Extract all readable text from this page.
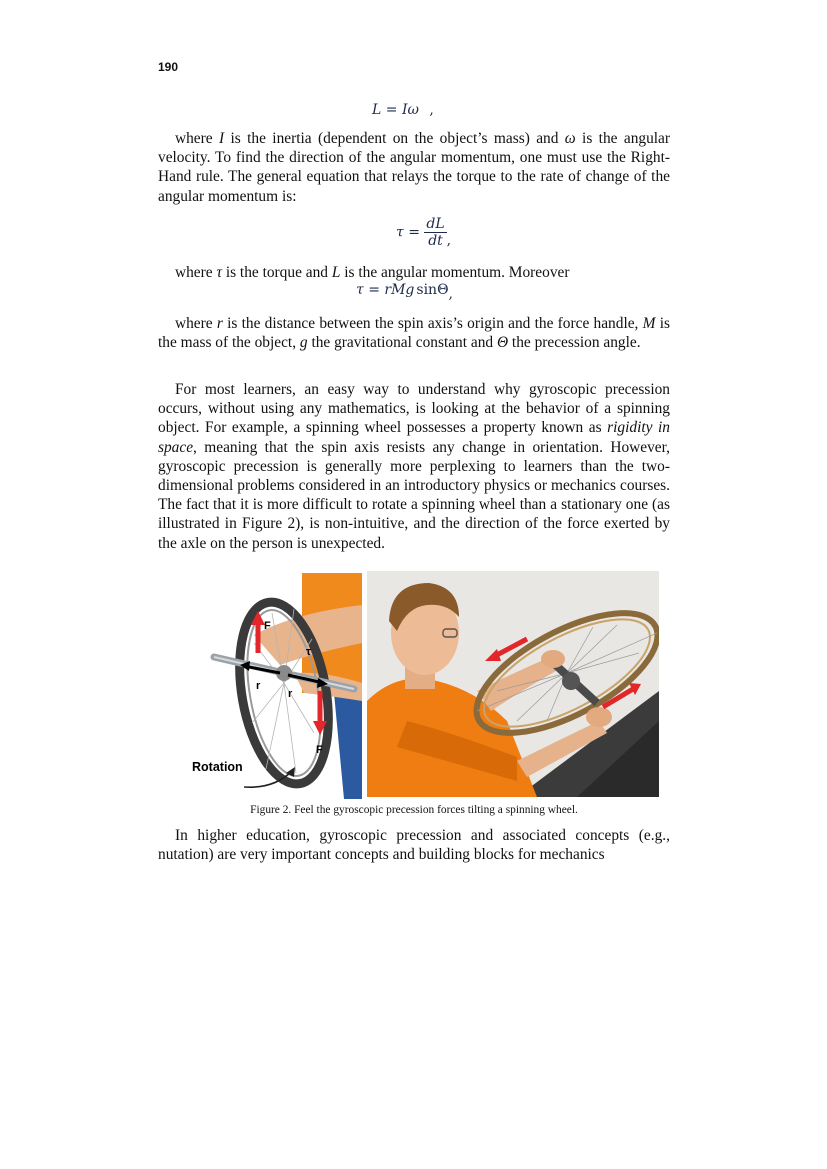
190
L = Iω ,

where I is the inertia (dependent on the object’s mass) and ω is the angular velocity. To find the direction of the angular momentum, one must use the Right-Hand rule. The general equation that relays the torque to the rate of change of the angular momentum is:

$\tau = \frac{dL}{dt}$ ,

where τ is the torque and L is the angular momentum. Moreover

τ = rMg sinΘ,

where r is the distance between the spin axis’s origin and the force handle, M is the mass of the object, g the gravitational constant and Θ the precession angle.

For most learners, an easy way to understand why gyroscopic precession occurs, without using any mathematics, is looking at the behavior of a spinning object. For example, a spinning wheel possesses a property known as rigidity in space, meaning that the spin axis resists any change in orientation. However, gyroscopic precession is generally more perplexing to learners than the two-dimensional problems considered in an introductory physics or mechanics courses. The fact that it is more difficult to rotate a spinning wheel than a stationary one (as illustrated in Figure 2), is non-intuitive, and the direction of the force exerted by the axle on the person is unexpected.

F
τ
r
r
F
Rotation
Figure 2. Feel the gyroscopic precession forces tilting a spinning wheel.

In higher education, gyroscopic precession and associated concepts (e.g., nutation) are very important concepts and building blocks for mechanics
